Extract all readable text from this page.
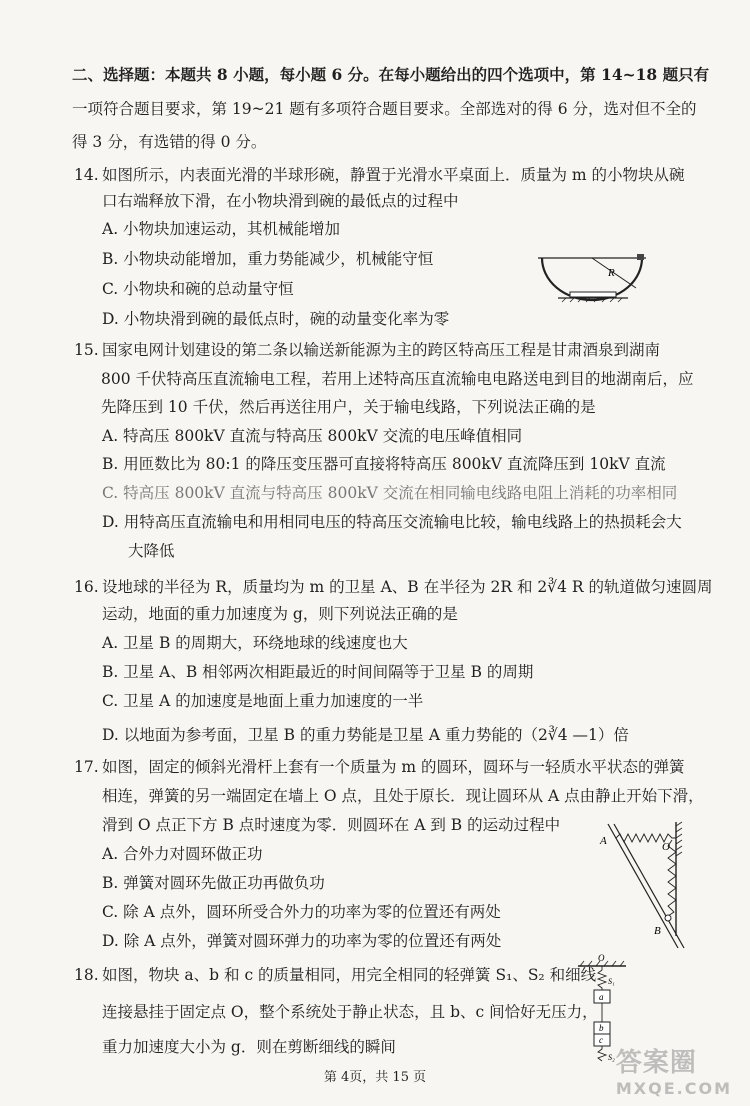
二、选择题：本题共 8 小题，每小题 6 分。在每小题给出的四个选项中，第 14~18 题只有
一项符合题目要求，第 19~21 题有多项符合题目要求。全部选对的得 6 分，选对但不全的
得 3 分，有选错的得 0 分。
14. 如图所示，内表面光滑的半球形碗，静置于光滑水平桌面上．质量为 m 的小物块从碗
口右端释放下滑，在小物块滑到碗的最低点的过程中
A. 小物块加速运动，其机械能增加
B. 小物块动能增加，重力势能减少，机械能守恒
C. 小物块和碗的总动量守恒
D. 小物块滑到碗的最低点时，碗的动量变化率为零
R
15. 国家电网计划建设的第二条以输送新能源为主的跨区特高压工程是甘肃酒泉到湖南
800 千伏特高压直流输电工程，若用上述特高压直流输电电路送电到目的地湖南后，应
先降压到 10 千伏，然后再送往用户，关于输电线路，下列说法正确的是
A. 特高压 800kV 直流与特高压 800kV 交流的电压峰值相同
B. 用匝数比为 80:1 的降压变压器可直接将特高压 800kV 直流降压到 10kV 直流
C. 特高压 800kV 直流与特高压 800kV 交流在相同输电线路电阻上消耗的功率相同
D. 用特高压直流输电和用相同电压的特高压交流输电比较，输电线路上的热损耗会大
大降低
16. 设地球的半径为 R，质量均为 m 的卫星 A、B 在半径为 2R 和 2∛4 R 的轨道做匀速圆周
运动，地面的重力加速度为 g，则下列说法正确的是
A. 卫星 B 的周期大，环绕地球的线速度也大
B. 卫星 A、B 相邻两次相距最近的时间间隔等于卫星 B 的周期
C. 卫星 A 的加速度是地面上重力加速度的一半
D. 以地面为参考面，卫星 B 的重力势能是卫星 A 重力势能的（2∛4 —1）倍
17. 如图，固定的倾斜光滑杆上套有一个质量为 m 的圆环，圆环与一轻质水平状态的弹簧
相连，弹簧的另一端固定在墙上 O 点，且处于原长．现让圆环从 A 点由静止开始下滑，
滑到 O 点正下方 B 点时速度为零．则圆环在 A 到 B 的运动过程中
A. 合外力对圆环做正功
B. 弹簧对圆环先做正功再做负功
C. 除 A 点外，圆环所受合外力的功率为零的位置还有两处
D. 除 A 点外，弹簧对圆环弹力的功率为零的位置还有两处
A	O
B
18. 如图，物块 a、b 和 c 的质量相同，用完全相同的轻弹簧 S₁、S₂ 和细线
连接悬挂于固定点 O，整个系统处于静止状态，且 b、c 间恰好无压力，
重力加速度大小为 g．则在剪断细线的瞬间
O
S₁
a
b
c
S₂
第 4页，共 15 页	答案圈
MXQE.COM
